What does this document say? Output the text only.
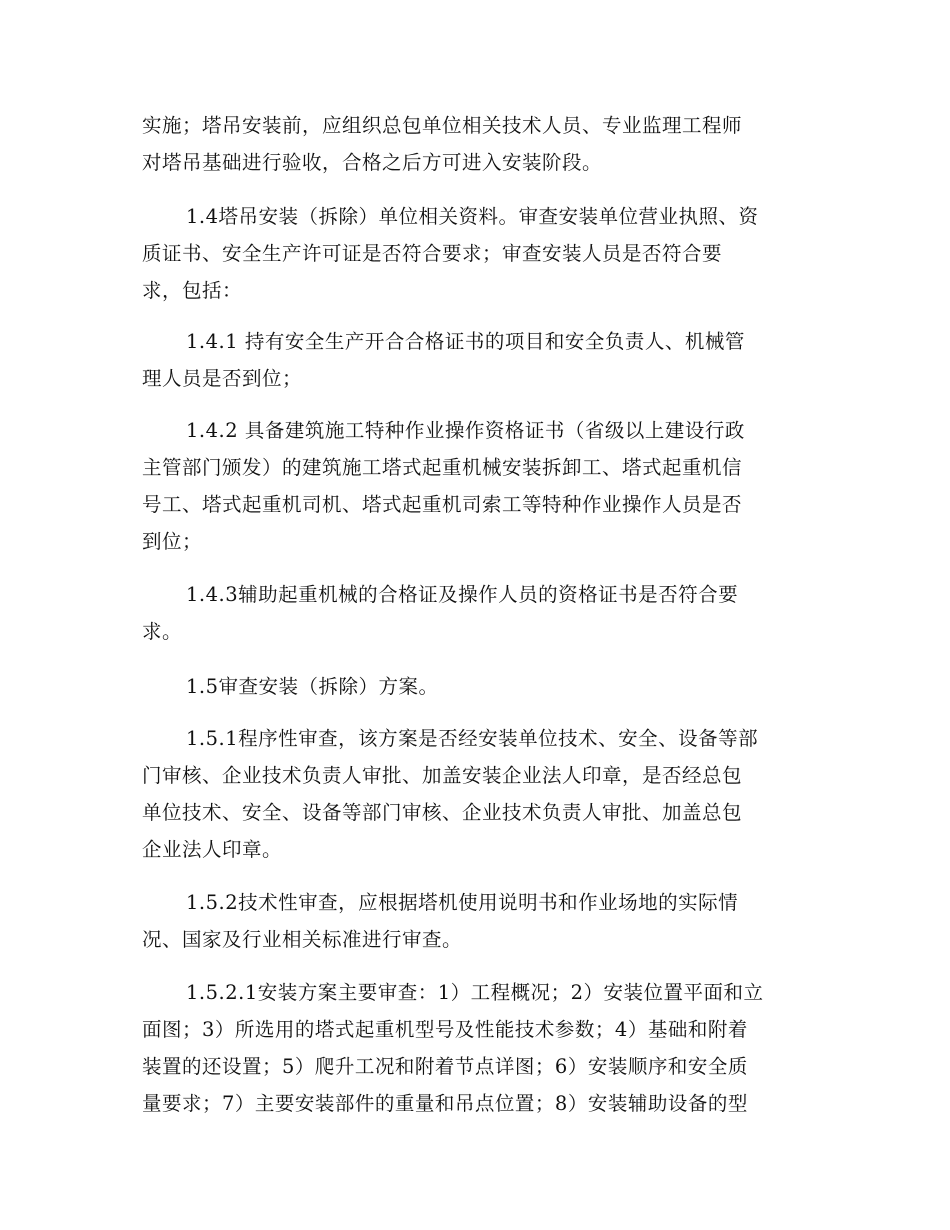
实施；塔吊安装前，应组织总包单位相关技术人员、专业监理工程师
对塔吊基础进行验收，合格之后方可进入安装阶段。

1.4塔吊安装（拆除）单位相关资料。审查安装单位营业执照、资
质证书、安全生产许可证是否符合要求；审查安装人员是否符合要
求，包括：

1.4.1 持有安全生产开合合格证书的项目和安全负责人、机械管
理人员是否到位；

1.4.2 具备建筑施工特种作业操作资格证书（省级以上建设行政
主管部门颁发）的建筑施工塔式起重机械安装拆卸工、塔式起重机信
号工、塔式起重机司机、塔式起重机司索工等特种作业操作人员是否
到位；

1.4.3辅助起重机械的合格证及操作人员的资格证书是否符合要
求。

1.5审查安装（拆除）方案。

1.5.1程序性审查，该方案是否经安装单位技术、安全、设备等部
门审核、企业技术负责人审批、加盖安装企业法人印章，是否经总包
单位技术、安全、设备等部门审核、企业技术负责人审批、加盖总包
企业法人印章。

1.5.2技术性审查，应根据塔机使用说明书和作业场地的实际情
况、国家及行业相关标准进行审查。

1.5.2.1安装方案主要审查：1）工程概况；2）安装位置平面和立
面图；3）所选用的塔式起重机型号及性能技术参数；4）基础和附着
装置的还设置；5）爬升工况和附着节点详图；6）安装顺序和安全质
量要求；7）主要安装部件的重量和吊点位置；8）安装辅助设备的型
